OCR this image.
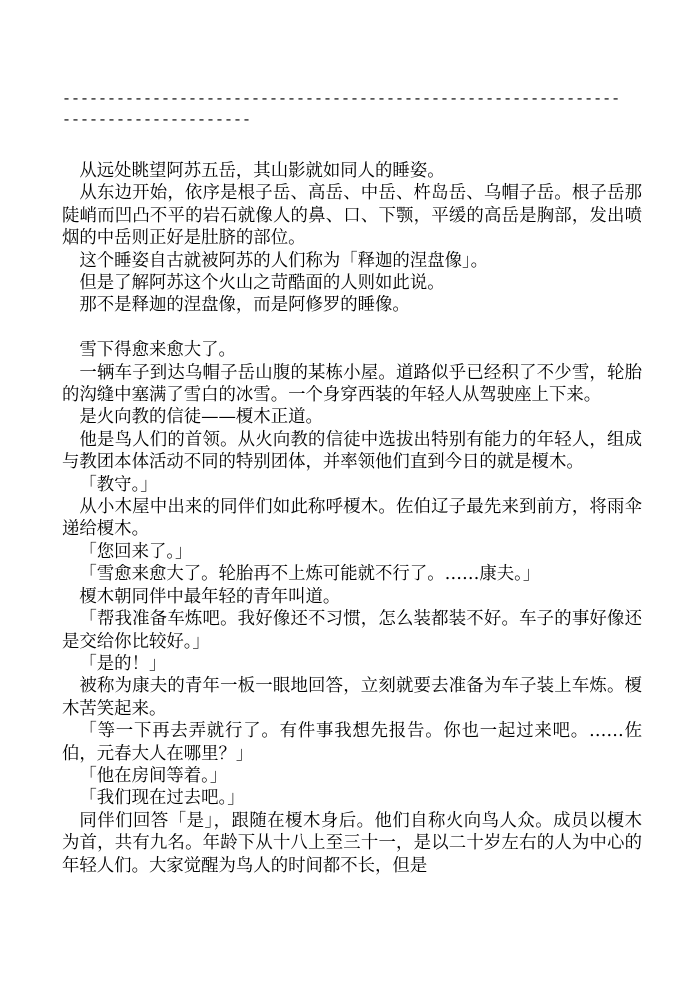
--------------------------------------------------------------
---------------------

从远处眺望阿苏五岳，其山影就如同人的睡姿。

从东边开始，依序是根子岳、高岳、中岳、杵岛岳、乌帽子岳。根子岳那陡峭而凹凸不平的岩石就像人的鼻、口、下颚，平缓的高岳是胸部，发出喷烟的中岳则正好是肚脐的部位。

这个睡姿自古就被阿苏的人们称为「释迦的涅盘像」。

但是了解阿苏这个火山之苛酷面的人则如此说。

那不是释迦的涅盘像，而是阿修罗的睡像。

雪下得愈来愈大了。

一辆车子到达乌帽子岳山腹的某栋小屋。道路似乎已经积了不少雪，轮胎的沟缝中塞满了雪白的冰雪。一个身穿西装的年轻人从驾驶座上下来。

是火向教的信徒——榎木正道。

他是鸟人们的首领。从火向教的信徒中选拔出特别有能力的年轻人，组成与教团本体活动不同的特别团体，并率领他们直到今日的就是榎木。

「教守。」

从小木屋中出来的同伴们如此称呼榎木。佐伯辽子最先来到前方，将雨伞递给榎木。

「您回来了。」

「雪愈来愈大了。轮胎再不上炼可能就不行了。……康夫。」

榎木朝同伴中最年轻的青年叫道。

「帮我准备车炼吧。我好像还不习惯，怎么装都装不好。车子的事好像还是交给你比较好。」

「是的！」

被称为康夫的青年一板一眼地回答，立刻就要去准备为车子装上车炼。榎木苦笑起来。

「等一下再去弄就行了。有件事我想先报告。你也一起过来吧。……佐伯，元春大人在哪里？」

「他在房间等着。」

「我们现在过去吧。」

同伴们回答「是」，跟随在榎木身后。他们自称火向鸟人众。成员以榎木为首，共有九名。年龄下从十八上至三十一，是以二十岁左右的人为中心的年轻人们。大家觉醒为鸟人的时间都不长，但是
